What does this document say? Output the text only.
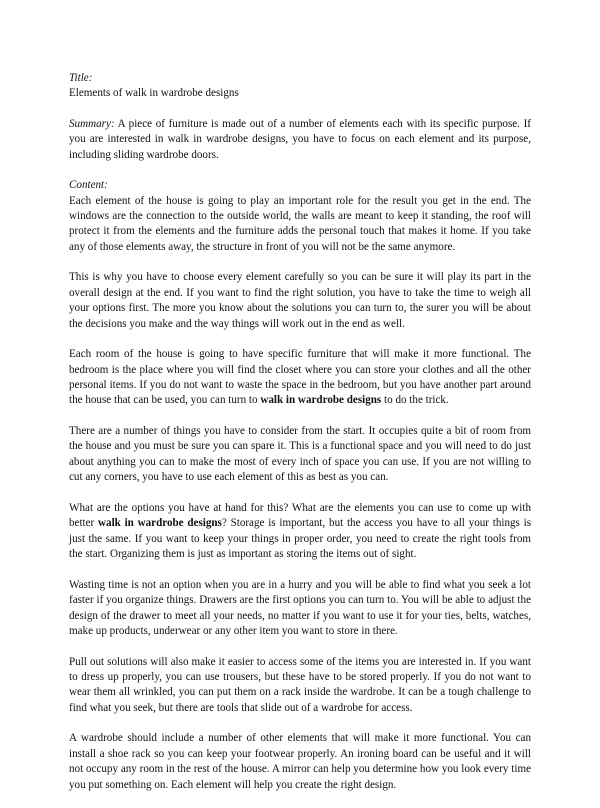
Title:
Elements of walk in wardrobe designs

Summary: A piece of furniture is made out of a number of elements each with its specific purpose. If you are interested in walk in wardrobe designs, you have to focus on each element and its purpose, including sliding wardrobe doors.

Content:

Each element of the house is going to play an important role for the result you get in the end. The windows are the connection to the outside world, the walls are meant to keep it standing, the roof will protect it from the elements and the furniture adds the personal touch that makes it home. If you take any of those elements away, the structure in front of you will not be the same anymore.

This is why you have to choose every element carefully so you can be sure it will play its part in the overall design at the end. If you want to find the right solution, you have to take the time to weigh all your options first. The more you know about the solutions you can turn to, the surer you will be about the decisions you make and the way things will work out in the end as well.

Each room of the house is going to have specific furniture that will make it more functional. The bedroom is the place where you will find the closet where you can store your clothes and all the other personal items. If you do not want to waste the space in the bedroom, but you have another part around the house that can be used, you can turn to walk in wardrobe designs to do the trick.

There are a number of things you have to consider from the start. It occupies quite a bit of room from the house and you must be sure you can spare it. This is a functional space and you will need to do just about anything you can to make the most of every inch of space you can use. If you are not willing to cut any corners, you have to use each element of this as best as you can.

What are the options you have at hand for this? What are the elements you can use to come up with better walk in wardrobe designs? Storage is important, but the access you have to all your things is just the same. If you want to keep your things in proper order, you need to create the right tools from the start. Organizing them is just as important as storing the items out of sight.

Wasting time is not an option when you are in a hurry and you will be able to find what you seek a lot faster if you organize things. Drawers are the first options you can turn to. You will be able to adjust the design of the drawer to meet all your needs, no matter if you want to use it for your ties, belts, watches, make up products, underwear or any other item you want to store in there.

Pull out solutions will also make it easier to access some of the items you are interested in. If you want to dress up properly, you can use trousers, but these have to be stored properly. If you do not want to wear them all wrinkled, you can put them on a rack inside the wardrobe. It can be a tough challenge to find what you seek, but there are tools that slide out of a wardrobe for access.

A wardrobe should include a number of other elements that will make it more functional. You can install a shoe rack so you can keep your footwear properly. An ironing board can be useful and it will not occupy any room in the rest of the house. A mirror can help you determine how you look every time you put something on. Each element will help you create the right design.
